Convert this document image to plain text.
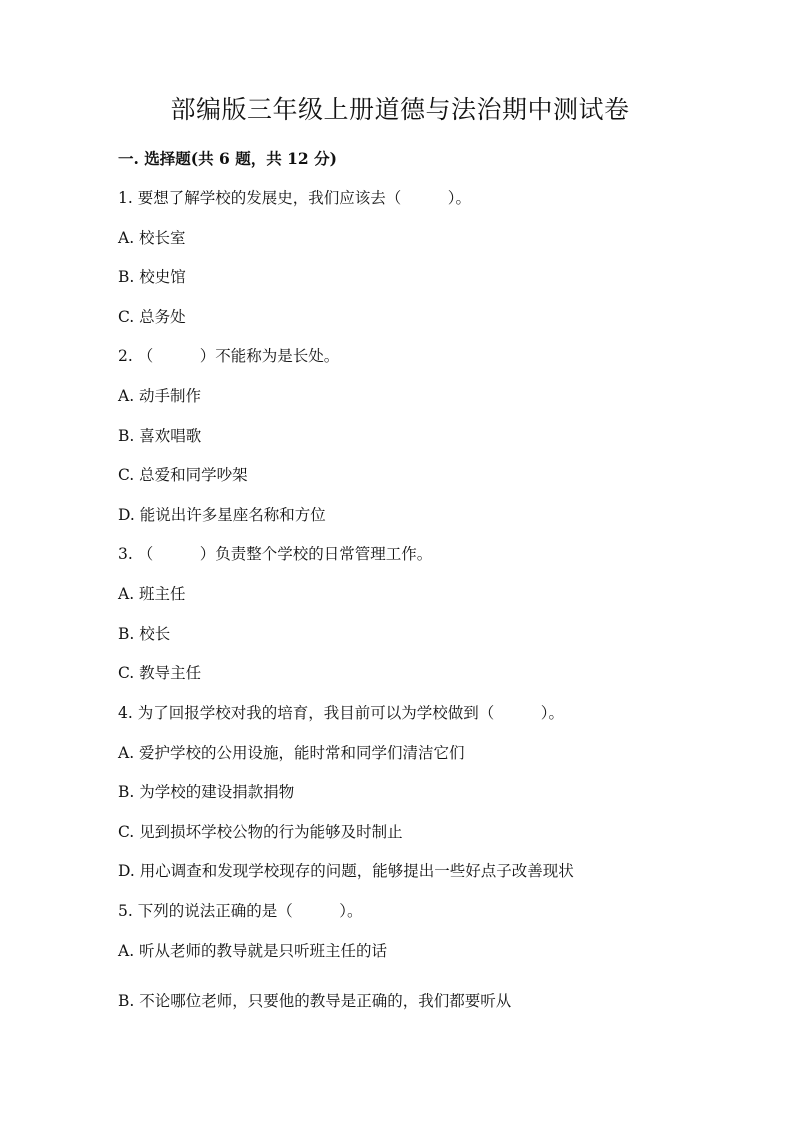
部编版三年级上册道德与法治期中测试卷
一. 选择题(共 6 题，共 12 分)
1. 要想了解学校的发展史，我们应该去（　　　）。
A. 校长室
B. 校史馆
C. 总务处
2. （　　　）不能称为是长处。
A. 动手制作
B. 喜欢唱歌
C. 总爱和同学吵架
D. 能说出许多星座名称和方位
3. （　　　）负责整个学校的日常管理工作。
A. 班主任
B. 校长
C. 教导主任
4. 为了回报学校对我的培育，我目前可以为学校做到（　　　）。
A. 爱护学校的公用设施，能时常和同学们清洁它们
B. 为学校的建设捐款捐物
C. 见到损坏学校公物的行为能够及时制止
D. 用心调查和发现学校现存的问题，能够提出一些好点子改善现状
5. 下列的说法正确的是（　　　）。
A. 听从老师的教导就是只听班主任的话
B. 不论哪位老师，只要他的教导是正确的，我们都要听从
